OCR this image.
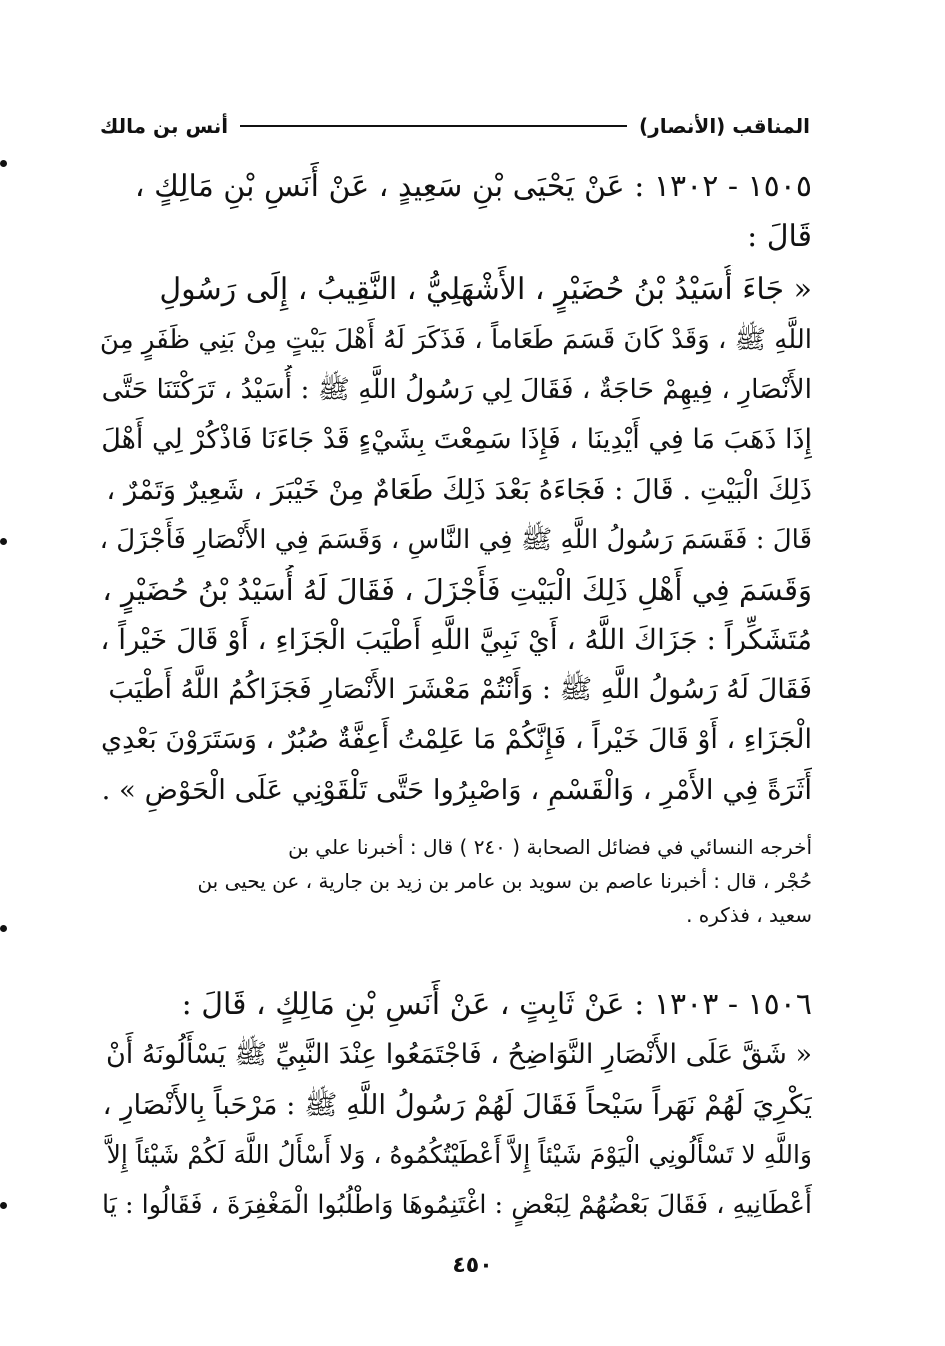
المناقب (الأنصار)
أنس بن مالك
١٥٠٥ - ١٣٠٢ : عَنْ يَحْيَى بْنِ سَعِيدٍ ، عَنْ أَنَسِ بْنِ مَالِكٍ ،
قَالَ :
« جَاءَ أُسَيْدُ بْنُ حُضَيْرٍ ، الأَشْهَلِيُّ ، النَّقِيبُ ، إِلَى رَسُولِ
اللَّهِ ﷺ ، وَقَدْ كَانَ قَسَمَ طَعَاماً ، فَذَكَرَ لَهُ أَهْلَ بَيْتٍ مِنْ بَنِي ظَفَرٍ مِنَ
الأَنْصَارِ ، فِيهِمْ حَاجَةٌ ، فَقَالَ لِي رَسُولُ اللَّهِ ﷺ : أُسَيْدُ ، تَرَكْتَنَا حَتَّى
إِذَا ذَهَبَ مَا فِي أَيْدِينَا ، فَإِذَا سَمِعْتَ بِشَيْءٍ قَدْ جَاءَنَا فَاذْكُرْ لِي أَهْلَ
ذَلِكَ الْبَيْتِ . قَالَ : فَجَاءَهُ بَعْدَ ذَلِكَ طَعَامٌ مِنْ خَيْبَرَ ، شَعِيرٌ وَتَمْرٌ ،
قَالَ : فَقَسَمَ رَسُولُ اللَّهِ ﷺ فِي النَّاسِ ، وَقَسَمَ فِي الأَنْصَارِ فَأَجْزَلَ ،
وَقَسَمَ فِي أَهْلِ ذَلِكَ الْبَيْتِ فَأَجْزَلَ ، فَقَالَ لَهُ أُسَيْدُ بْنُ حُضَيْرٍ ،
مُتَشَكِّراً : جَزَاكَ اللَّهُ ، أَيْ نَبِيَّ اللَّهِ أَطْيَبَ الْجَزَاءِ ، أَوْ قَالَ خَيْراً ،
فَقَالَ لَهُ رَسُولُ اللَّهِ ﷺ : وَأَنْتُمْ مَعْشَرَ الأَنْصَارِ فَجَزَاكُمُ اللَّهُ أَطْيَبَ
الْجَزَاءِ ، أَوْ قَالَ خَيْراً ، فَإِنَّكُمْ مَا عَلِمْتُ أَعِفَّةٌ صُبُرٌ ، وَسَتَرَوْنَ بَعْدِي
أَثَرَةً فِي الأَمْرِ ، وَالْقَسْمِ ، وَاصْبِرُوا حَتَّى تَلْقَوْنِي عَلَى الْحَوْضِ » .
أخرجه النسائي في فضائل الصحابة ( ٢٤٠ ) قال : أخبرنا علي بن
حُجْر ، قال : أخبرنا عاصم بن سويد بن عامر بن زيد بن جارية ، عن يحيى بن
سعيد ، فذكره .
١٥٠٦ - ١٣٠٣ : عَنْ ثَابِتٍ ، عَنْ أَنَسِ بْنِ مَالِكٍ ، قَالَ :
« شَقَّ عَلَى الأَنْصَارِ النَّوَاضِحُ ، فَاجْتَمَعُوا عِنْدَ النَّبِيِّ ﷺ يَسْأَلُونَهُ أَنْ
يَكْرِيَ لَهُمْ نَهَراً سَيْحاً فَقَالَ لَهُمْ رَسُولُ اللَّهِ ﷺ : مَرْحَباً بِالأَنْصَارِ ،
وَاللَّهِ لا تَسْأَلُونِي الْيَوْمَ شَيْئاً إِلاَّ أَعْطَيْتُكُمُوهُ ، وَلا أَسْأَلُ اللَّهَ لَكُمْ شَيْئاً إِلاَّ
أَعْطَانِيهِ ، فَقَالَ بَعْضُهُمْ لِبَعْضٍ : اغْتَنِمُوهَا وَاطْلُبُوا الْمَغْفِرَةَ ، فَقَالُوا : يَا
٤٥٠
